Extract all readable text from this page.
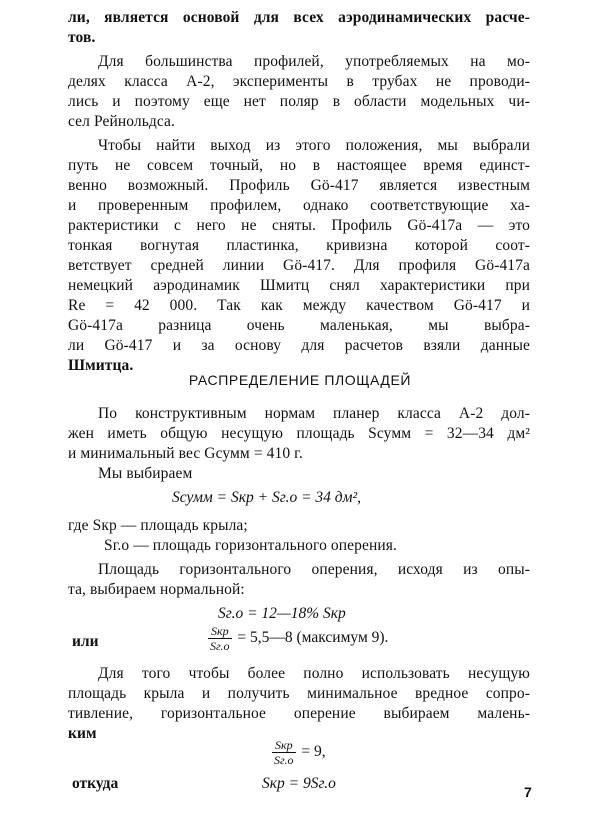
ли, является основой для всех аэродинамических расче-
тов.
Для большинства профилей, употребляемых на мо-
делях класса А-2, эксперименты в трубах не проводи-
лись и поэтому еще нет поляр в области модельных чи-
сел Рейнольдса.
Чтобы найти выход из этого положения, мы выбрали
путь не совсем точный, но в настоящее время единст-
венно возможный. Профиль Gö-417 является известным
и проверенным профилем, однако соответствующие ха-
рактеристики с него не сняты. Профиль Gö-417а — это
тонкая вогнутая пластинка, кривизна которой соот-
ветствует средней линии Gö-417. Для профиля Gö-417а
немецкий аэродинамик Шмитц снял характеристики при
Re = 42 000. Так как между качеством Gö-417 и
Gö-417а разница очень маленькая, мы выбра-
ли Gö-417 и за основу для расчетов взяли данные
Шмитца.
РАСПРЕДЕЛЕНИЕ ПЛОЩАДЕЙ
По конструктивным нормам планер класса А-2 дол-
жен иметь общую несущую площадь Sсумм = 32—34 дм²
и минимальный вес Gсумм = 410 г.
Мы выбираем
Sсумм = Sкр + Sг.о = 34 дм²,
где Sкр — площадь крыла;
Sг.о — площадь горизонтального оперения.
Площадь горизонтального оперения, исходя из опы-
та, выбираем нормальной:
Sг.о = 12—18% Sкр
или	$\frac{\text{Sкр}}{Sг.о}$ = 5,5—8 (максимум 9).
Для того чтобы более полно использовать несущую
площадь крыла и получить минимальное вредное сопро-
тивление, горизонтальное оперение выбираем малень-
ким
$\frac{\text{Sкр}}{Sг.о} = 9$,
откуда	Sкр = 9Sг.о	7
